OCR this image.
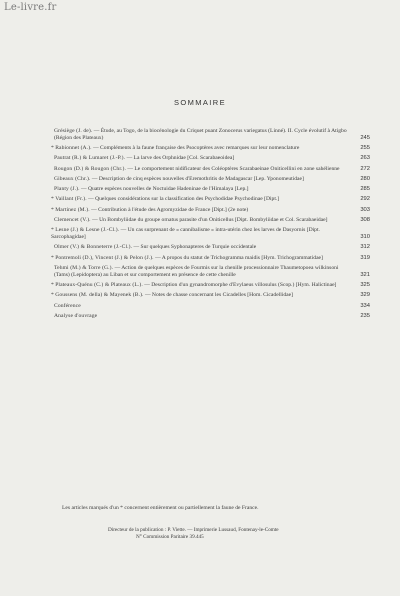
Le-livre.fr
SOMMAIRE
Grésiège (J. de). — Étude, au Togo, de la biocénologie du Criquet puant Zonocerus variegatus (Linné). II. Cycle évolutif à Atigbo (Région des Plateaux)	245
* Rabionnet (A.). — Compléments à la faune française des Psocoptères avec remarques sur leur nomenclature	255
Pautrat (R.) & Lumaret (J.-P.). — La larve des Orphnidae [Col. Scarabaeoidea]	263
Rougon (D.) & Rougon (Chr.). — Le comportement nidificateur des Coléoptères Scarabaeinae Oniticellini en zone sahélienne	272
Gibeaux (Chr.). — Description de cinq espèces nouvelles d'Eremothritis de Madagascar [Lep. Yponomeutidae]	280
Planty (J.). — Quatre espèces nouvelles de Noctuidae Hadeninae de l'Himalaya [Lep.]	285
* Vaillant (Fr.). — Quelques considérations sur la classification des Psychodidae Psychodinae [Dipt.]	292
* Martinez (M.). — Contribution à l'étude des Agromyzidae de France [Dipt.] (2e note)	303
Clemencet (V.). — Un Bombyliidae du groupe ornatus parasite d'un Oniticellus [Dipt. Bombyliidae et Col. Scarabaeidae]	308
* Lesne (J.) & Lesne (J.-Cl.). — Un cas surprenant de « cannibalisme » intra-utérin chez les larves de Dasyornis [Dipt. Sarcophagidae]	310
Olmer (V.) & Bonneterre (J.-Cl.). — Sur quelques Syphonapteres de Turquie occidentale	312
* Pontremoli (D.), Vincent (J.) & Pelon (J.). — A propos du statut de Trichogramma maidis [Hym. Trichogrammatidae]	319
Tehmi (M.) & Torre (G.). — Action de quelques espèces de Fourmis sur la chenille processionnaire Thaumetopoea wilkinsoni (Tams) (Lepidoptera) au Liban et sur comportement en présence de cette chenille	321
* Plateaux-Quénu (C.) & Plateaux (L.). — Description d'un gynandromorphe d'Evylaeus villosulus (Scop.) [Hym. Halictinae]	325
* Goussens (M. della) & Mayenek (B.). — Notes de chasse concernant les Cicadelles [Hom. Cicadellidae]	329
Conférence	334
Analyse d'ouvrage	235
Les articles marqués d'un * concernent entièrement ou partiellement la faune de France.
Directeur de la publication : P. Viette. — Imprimerie Lussaud, Fontenay-le-Comte
N° Commission Paritaire 39.445
